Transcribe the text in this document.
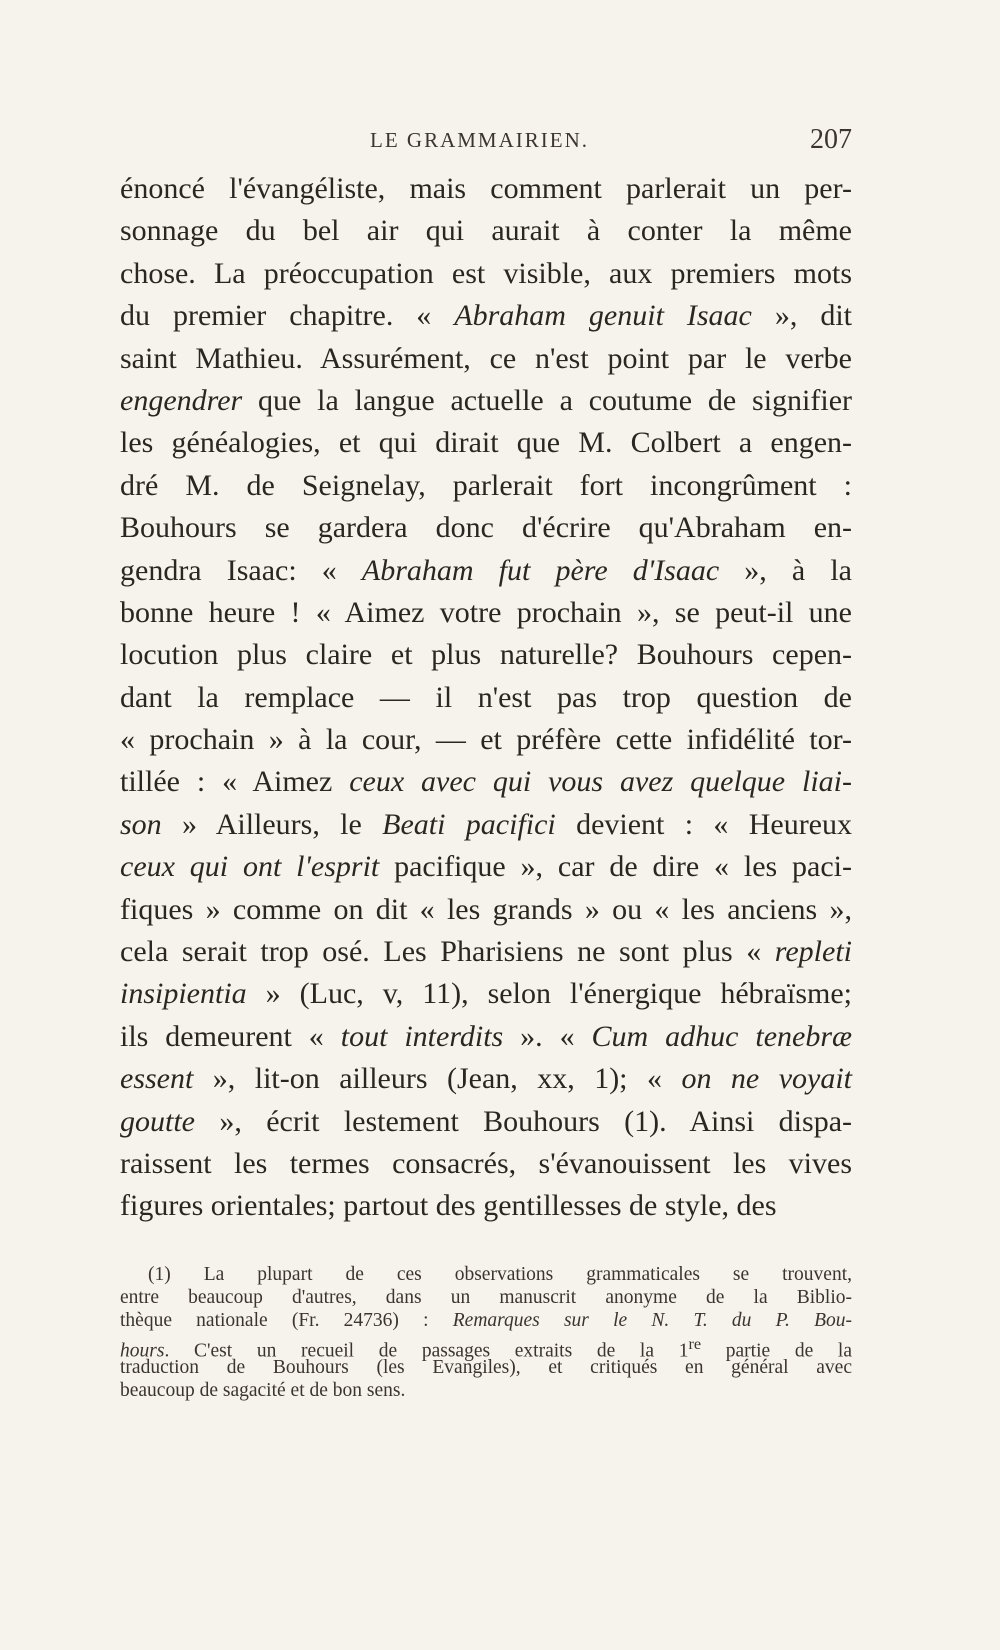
LE GRAMMAIRIEN.	207
énoncé l'évangéliste, mais comment parlerait un per-
sonnage du bel air qui aurait à conter la même
chose. La préoccupation est visible, aux premiers mots
du premier chapitre. « Abraham genuit Isaac », dit
saint Mathieu. Assurément, ce n'est point par le verbe
engendrer que la langue actuelle a coutume de signifier
les généalogies, et qui dirait que M. Colbert a engen-
dré M. de Seignelay, parlerait fort incongrûment :
Bouhours se gardera donc d'écrire qu'Abraham en-
gendra Isaac: « Abraham fut père d'Isaac », à la
bonne heure ! « Aimez votre prochain », se peut-il une
locution plus claire et plus naturelle? Bouhours cepen-
dant la remplace — il n'est pas trop question de
« prochain » à la cour, — et préfère cette infidélité tor-
tillée : « Aimez ceux avec qui vous avez quelque liai-
son » Ailleurs, le Beati pacifici devient : « Heureux
ceux qui ont l'esprit pacifique », car de dire « les paci-
fiques » comme on dit « les grands » ou « les anciens »,
cela serait trop osé. Les Pharisiens ne sont plus « repleti
insipientia » (Luc, v, 11), selon l'énergique hébraïsme;
ils demeurent « tout interdits ». « Cum adhuc tenebræ
essent », lit-on ailleurs (Jean, xx, 1); « on ne voyait
goutte », écrit lestement Bouhours (1). Ainsi dispa-
raissent les termes consacrés, s'évanouissent les vives
figures orientales; partout des gentillesses de style, des
(1) La plupart de ces observations grammaticales se trouvent,
entre beaucoup d'autres, dans un manuscrit anonyme de la Biblio-
thèque nationale (Fr. 24736) : Remarques sur le N. T. du P. Bou-
hours. C'est un recueil de passages extraits de la 1re partie de la
traduction de Bouhours (les Evangiles), et critiqués en général avec
beaucoup de sagacité et de bon sens.
